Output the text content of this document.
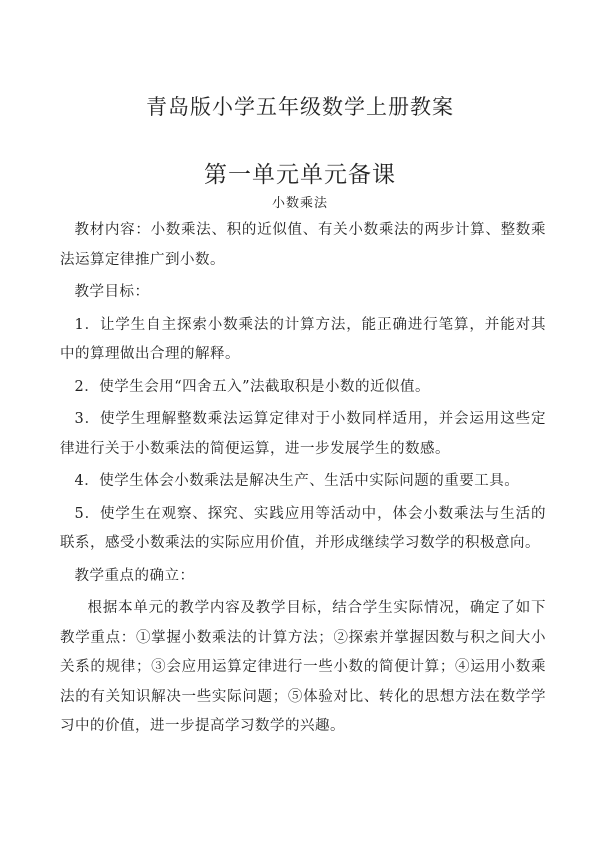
青岛版小学五年级数学上册教案
第一单元单元备课
小数乘法

教材内容：小数乘法、积的近似值、有关小数乘法的两步计算、整数乘法运算定律推广到小数。

教学目标：

1．让学生自主探索小数乘法的计算方法，能正确进行笔算，并能对其中的算理做出合理的解释。

2．使学生会用“四舍五入”法截取积是小数的近似值。

3．使学生理解整数乘法运算定律对于小数同样适用，并会运用这些定律进行关于小数乘法的简便运算，进一步发展学生的数感。

4．使学生体会小数乘法是解决生产、生活中实际问题的重要工具。

5．使学生在观察、探究、实践应用等活动中，体会小数乘法与生活的联系，感受小数乘法的实际应用价值，并形成继续学习数学的积极意向。

教学重点的确立：

根据本单元的教学内容及教学目标，结合学生实际情况，确定了如下教学重点：①掌握小数乘法的计算方法；②探索并掌握因数与积之间大小关系的规律；③会应用运算定律进行一些小数的简便计算；④运用小数乘法的有关知识解决一些实际问题；⑤体验对比、转化的思想方法在数学学习中的价值，进一步提高学习数学的兴趣。
